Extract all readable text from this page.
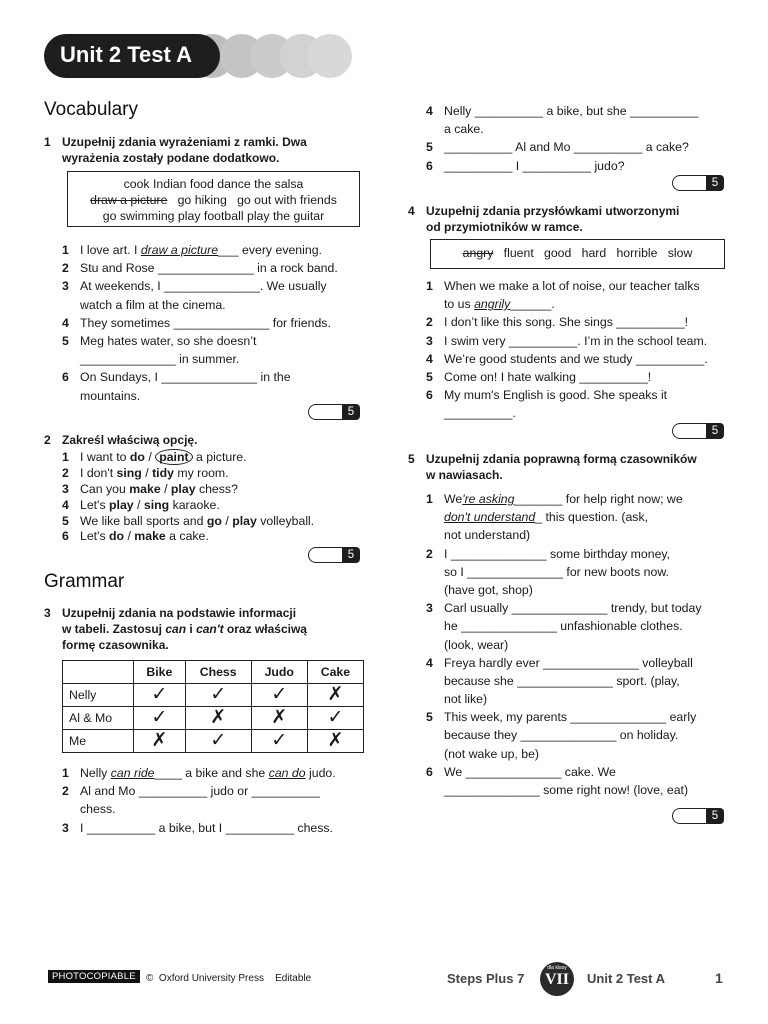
Unit 2 Test A
Vocabulary
1 Uzupełnij zdania wyrażeniami z ramki. Dwa
wyrażenia zostały podane dodatkowo.
cook Indian food dance the salsa
draw a picture   go hiking   go out with friends
go swimming play football play the guitar
1 I love art. I draw a picture___ every evening.
2 Stu and Rose ______________ in a rock band.
3 At weekends, I ______________. We usually
watch a film at the cinema.
4 They sometimes ______________ for friends.
5 Meg hates water, so she doesn’t
______________ in summer.
6 On Sundays, I ______________ in the
mountains.
5
2 Zakreśl właściwą opcję.
1 I want to do / paint a picture.
2 I don't sing / tidy my room.
3 Can you make / play chess?
4 Let's play / sing karaoke.
5 We like ball sports and go / play volleyball.
6 Let's do / make a cake.
5
Grammar
3 Uzupełnij zdania na podstawie informacji
w tabeli. Zastosuj can i can't oraz właściwą
formę czasownika.
	Bike	Chess	Judo	Cake
Nelly	✓	✓	✓	✗
Al & Mo	✓	✗	✗	✓
Me	✗	✓	✓	✗
1 Nelly can ride____ a bike and she can do judo.
2 Al and Mo __________ judo or __________
chess.
3 I __________ a bike, but I __________ chess.
4 Nelly __________ a bike, but she __________
a cake.
5 __________ Al and Mo __________ a cake?
6 __________ I __________ judo?
5
4 Uzupełnij zdania przysłówkami utworzonymi
od przymiotników w ramce.
angry   fluent   good   hard   horrible   slow
1 When we make a lot of noise, our teacher talks
to us angrily______.
2 I don’t like this song. She sings __________!
3 I swim very __________. I’m in the school team.
4 We’re good students and we study __________.
5 Come on! I hate walking __________!
6 My mum's English is good. She speaks it
__________.
5
5 Uzupełnij zdania poprawną formą czasowników
w nawiasach.
1 We're asking_______ for help right now; we
don't understand_ this question. (ask,
not understand)
2 I ______________ some birthday money,
so I ______________ for new boots now.
(have got, shop)
3 Carl usually ______________ trendy, but today
he ______________ unfashionable clothes.
(look, wear)
4 Freya hardly ever ______________ volleyball
because she ______________ sport. (play,
not like)
5 This week, my parents ______________ early
because they ______________ on holiday.
(not wake up, be)
6 We ______________ cake. We
______________ some right now! (love, eat)
5
PHOTOCOPIABLE	©  Oxford University Press    Editable	Steps Plus 7
dla klasy
VII	Unit 2 Test A	1
